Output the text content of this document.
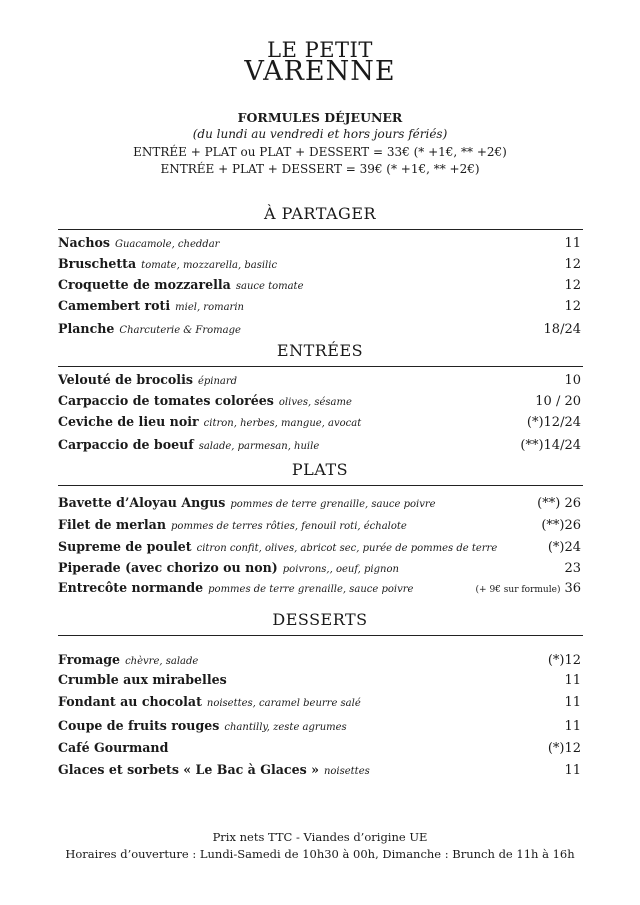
LE PETIT
VARENNE
FORMULES DÉJEUNER
(du lundi au vendredi et hors jours fériés)
ENTRÉE + PLAT ou PLAT + DESSERT = 33€ (* +1€, ** +2€)
ENTRÉE + PLAT + DESSERT = 39€ (* +1€, ** +2€)
À PARTAGER
Nachos Guacamole, cheddar	11
Bruschetta tomate, mozzarella, basilic	12
Croquette de mozzarella sauce tomate	12
Camembert roti miel, romarin	12
Planche Charcuterie & Fromage	18/24
ENTRÉES
Velouté de brocolis épinard	10
Carpaccio de tomates colorées olives, sésame	10 / 20
Ceviche de lieu noir citron, herbes, mangue, avocat	(*)12/24
Carpaccio de boeuf salade, parmesan, huile	(**)14/24
PLATS
Bavette d’Aloyau Angus pommes de terre grenaille, sauce poivre	(**) 26
Filet de merlan pommes de terres rôties, fenouil roti, échalote	(**)26
Supreme de poulet citron confit, olives, abricot sec, purée de pommes de terre	(*)24
Piperade (avec chorizo ou non) poivrons,, oeuf, pignon	23
Entrecôte normande pommes de terre grenaille, sauce poivre	(+ 9€ sur formule) 36
DESSERTS
Fromage chèvre, salade	(*)12
Crumble aux mirabelles	11
Fondant au chocolat noisettes, caramel beurre salé	11
Coupe de fruits rouges chantilly, zeste agrumes	11
Café Gourmand	(*)12
Glaces et sorbets « Le Bac à Glaces » noisettes	11
Prix nets TTC - Viandes d’origine UE
Horaires d’ouverture : Lundi-Samedi de 10h30 à 00h, Dimanche : Brunch de 11h à 16h
